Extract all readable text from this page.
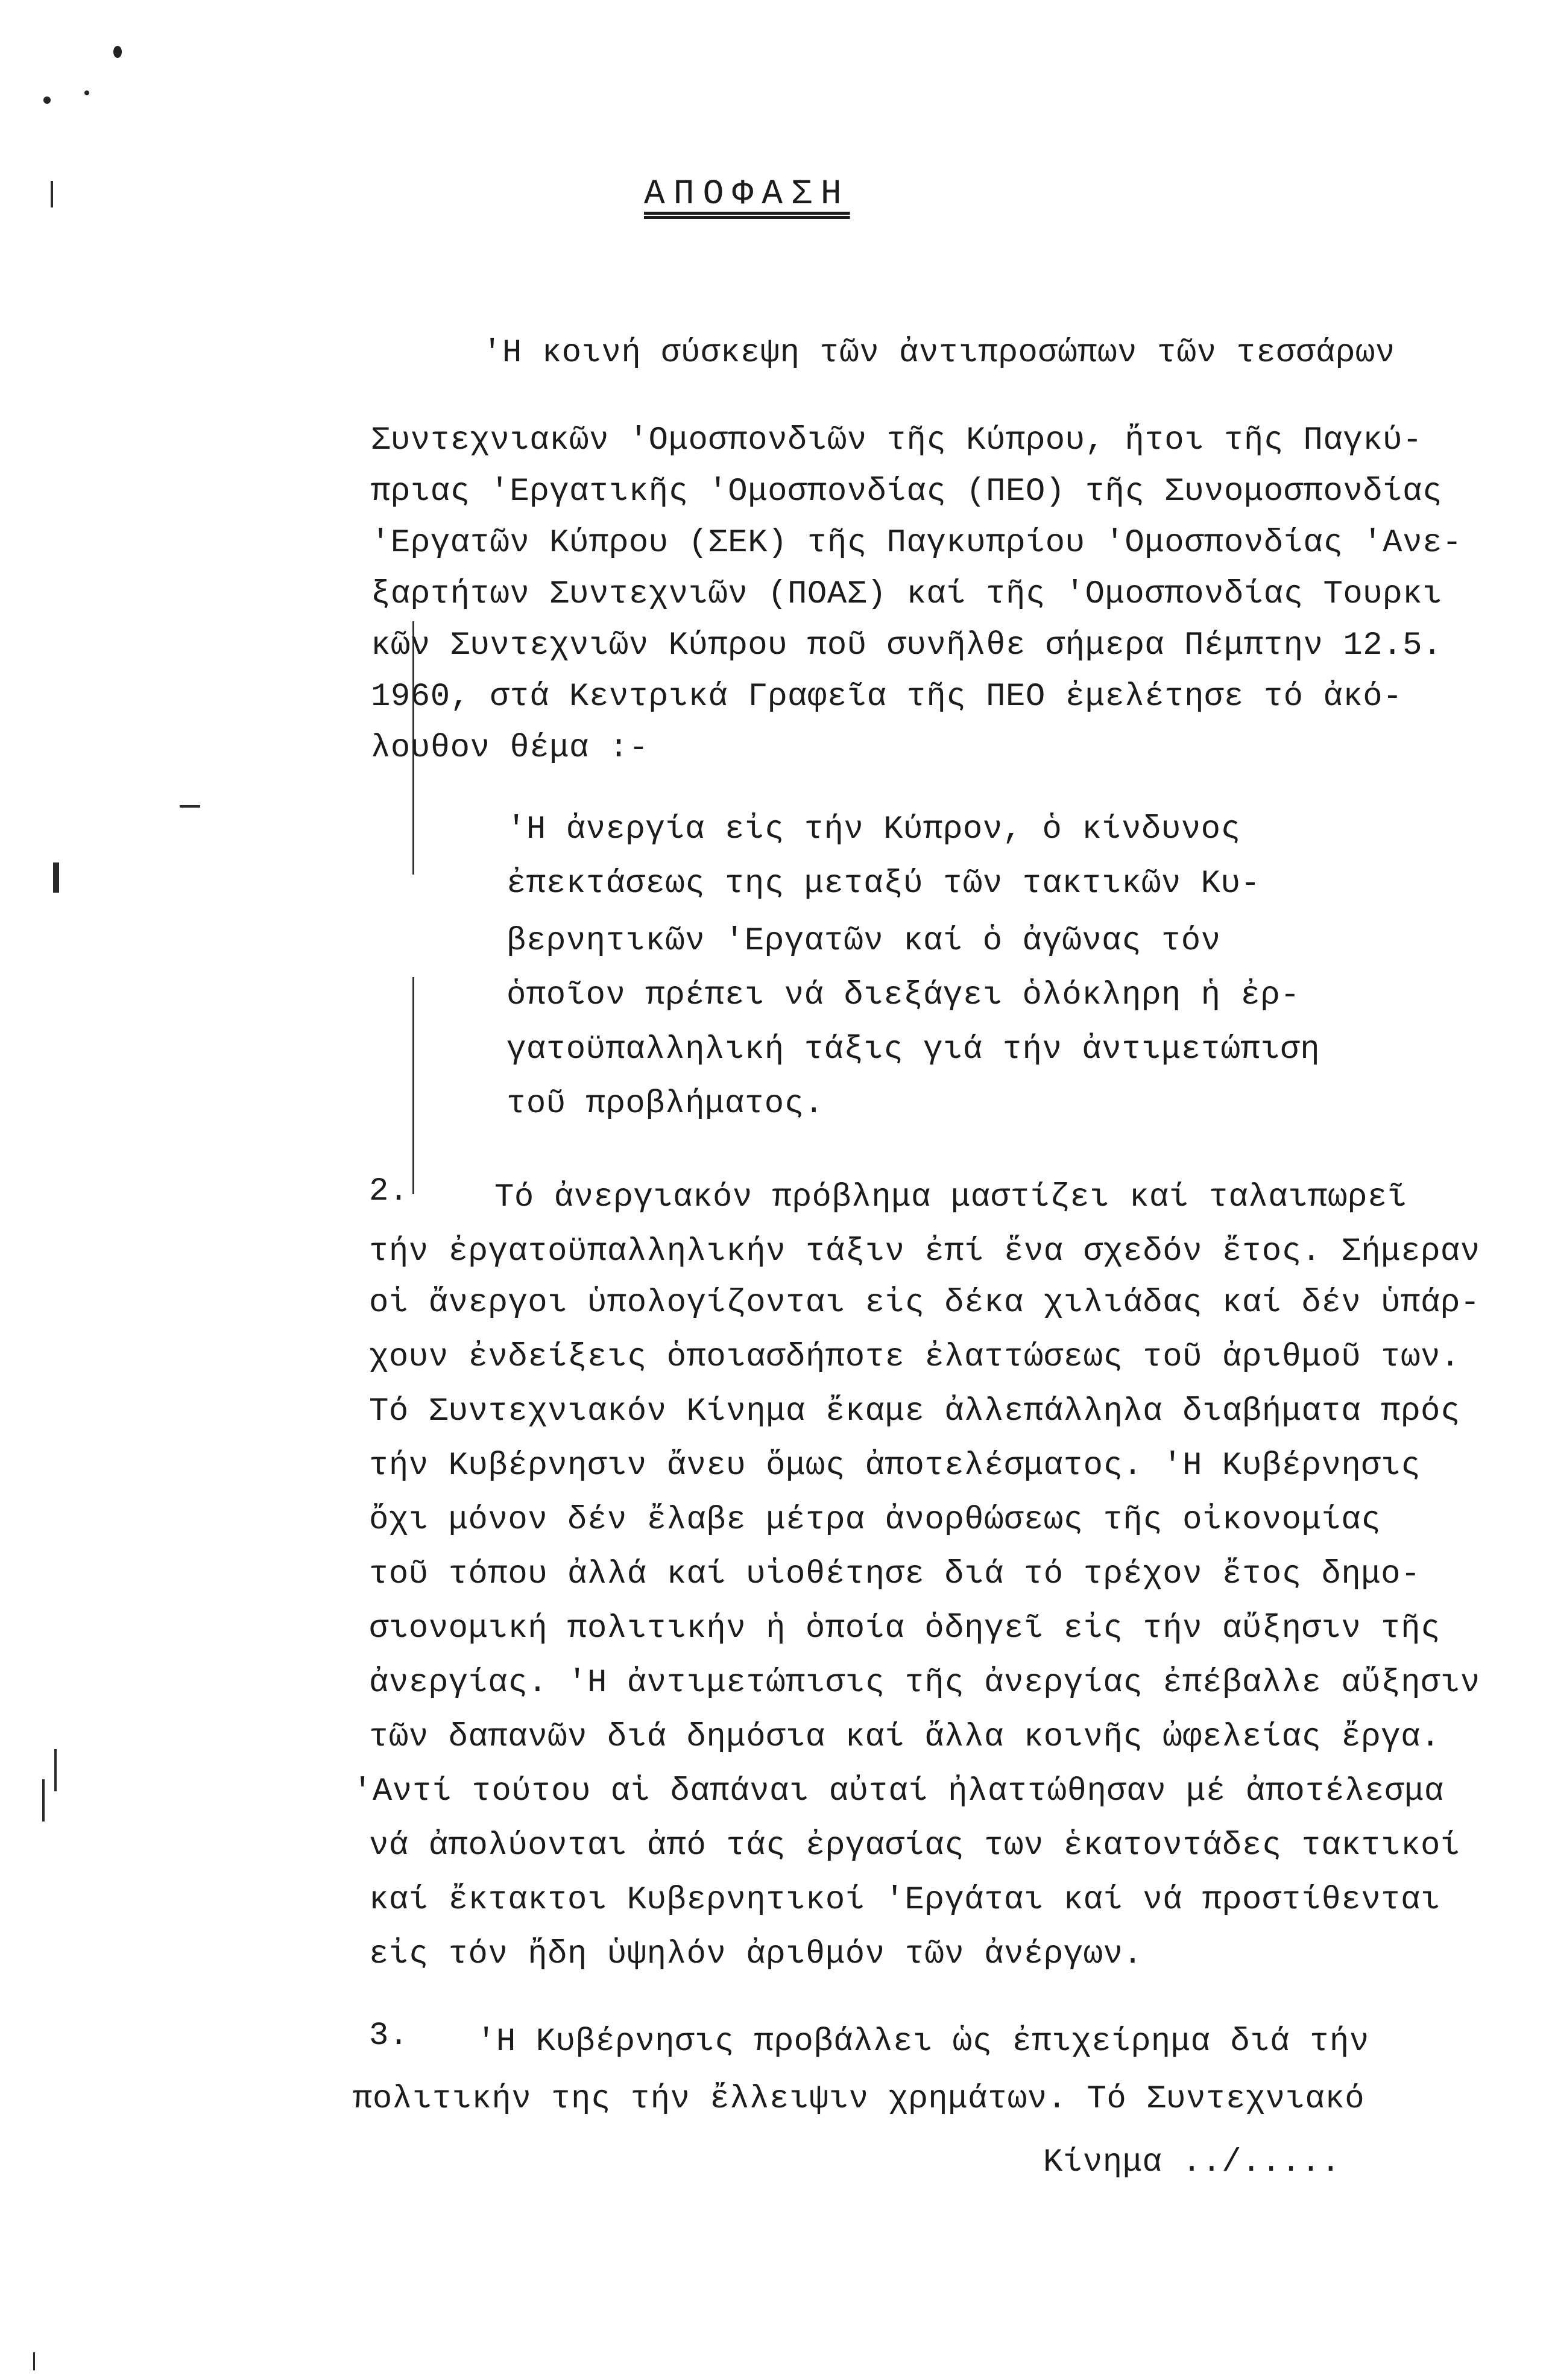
ΑΠΟΦΑΣΗ
'Η κοινή σύσκεψη τῶν ἀντιπροσώπων τῶν τεσσάρων
Συντεχνιακῶν 'Ομοσπονδιῶν τῆς Κύπρου, ἤτοι τῆς Παγκύ-
πριας 'Εργατικῆς 'Ομοσπονδίας (ΠΕΟ) τῆς Συνομοσπονδίας
'Εργατῶν Κύπρου (ΣΕΚ) τῆς Παγκυπρίου 'Ομοσπονδίας 'Ανε-
ξαρτήτων Συντεχνιῶν (ΠΟΑΣ) καί τῆς 'Ομοσπονδίας Τουρκι
κῶν Συντεχνιῶν Κύπρου ποῦ συνῆλθε σήμερα Πέμπτην 12.5.
1960, στά Κεντρικά Γραφεῖα τῆς ΠΕΟ ἐμελέτησε τό ἀκό-
λουθον θέμα :-
'Η ἀνεργία εἰς τήν Κύπρον, ὁ κίνδυνος
ἐπεκτάσεως της μεταξύ τῶν τακτικῶν Κυ-
βερνητικῶν 'Εργατῶν καί ὁ ἀγῶνας τόν
ὁποῖον πρέπει νά διεξάγει ὁλόκληρη ἡ ἐρ-
γατοϋπαλληλική τάξις γιά τήν ἀντιμετώπιση
τοῦ προβλήματος.
2.	Τό ἀνεργιακόν πρόβλημα μαστίζει καί ταλαιπωρεῖ
τήν ἐργατοϋπαλληλικήν τάξιν ἐπί ἕνα σχεδόν ἔτος. Σήμεραν
οἱ ἄνεργοι ὑπολογίζονται εἰς δέκα χιλιάδας καί δέν ὑπάρ-
χουν ἐνδείξεις ὁποιασδήποτε ἐλαττώσεως τοῦ ἀριθμοῦ των.
Τό Συντεχνιακόν Κίνημα ἔκαμε ἀλλεπάλληλα διαβήματα πρός
τήν Κυβέρνησιν ἄνευ ὅμως ἀποτελέσματος. 'Η Κυβέρνησις
ὄχι μόνον δέν ἔλαβε μέτρα ἀνορθώσεως τῆς οἰκονομίας
τοῦ τόπου ἀλλά καί υἱοθέτησε διά τό τρέχον ἔτος δημο-
σιονομική πολιτικήν ἡ ὁποία ὁδηγεῖ εἰς τήν αὔξησιν τῆς
ἀνεργίας. 'Η ἀντιμετώπισις τῆς ἀνεργίας ἐπέβαλλε αὔξησιν
τῶν δαπανῶν διά δημόσια καί ἄλλα κοινῆς ὠφελείας ἔργα.
'Αντί τούτου αἱ δαπάναι αὐταί ἠλαττώθησαν μέ ἀποτέλεσμα
νά ἀπολύονται ἀπό τάς ἐργασίας των ἑκατοντάδες τακτικοί
καί ἔκτακτοι Κυβερνητικοί 'Εργάται καί νά προστίθενται
εἰς τόν ἤδη ὑψηλόν ἀριθμόν τῶν ἀνέργων.
3. 'Η Κυβέρνησις προβάλλει ὡς ἐπιχείρημα διά τήν
πολιτικήν της τήν ἔλλειψιν χρημάτων. Τό Συντεχνιακό
Κίνημα ../.....
